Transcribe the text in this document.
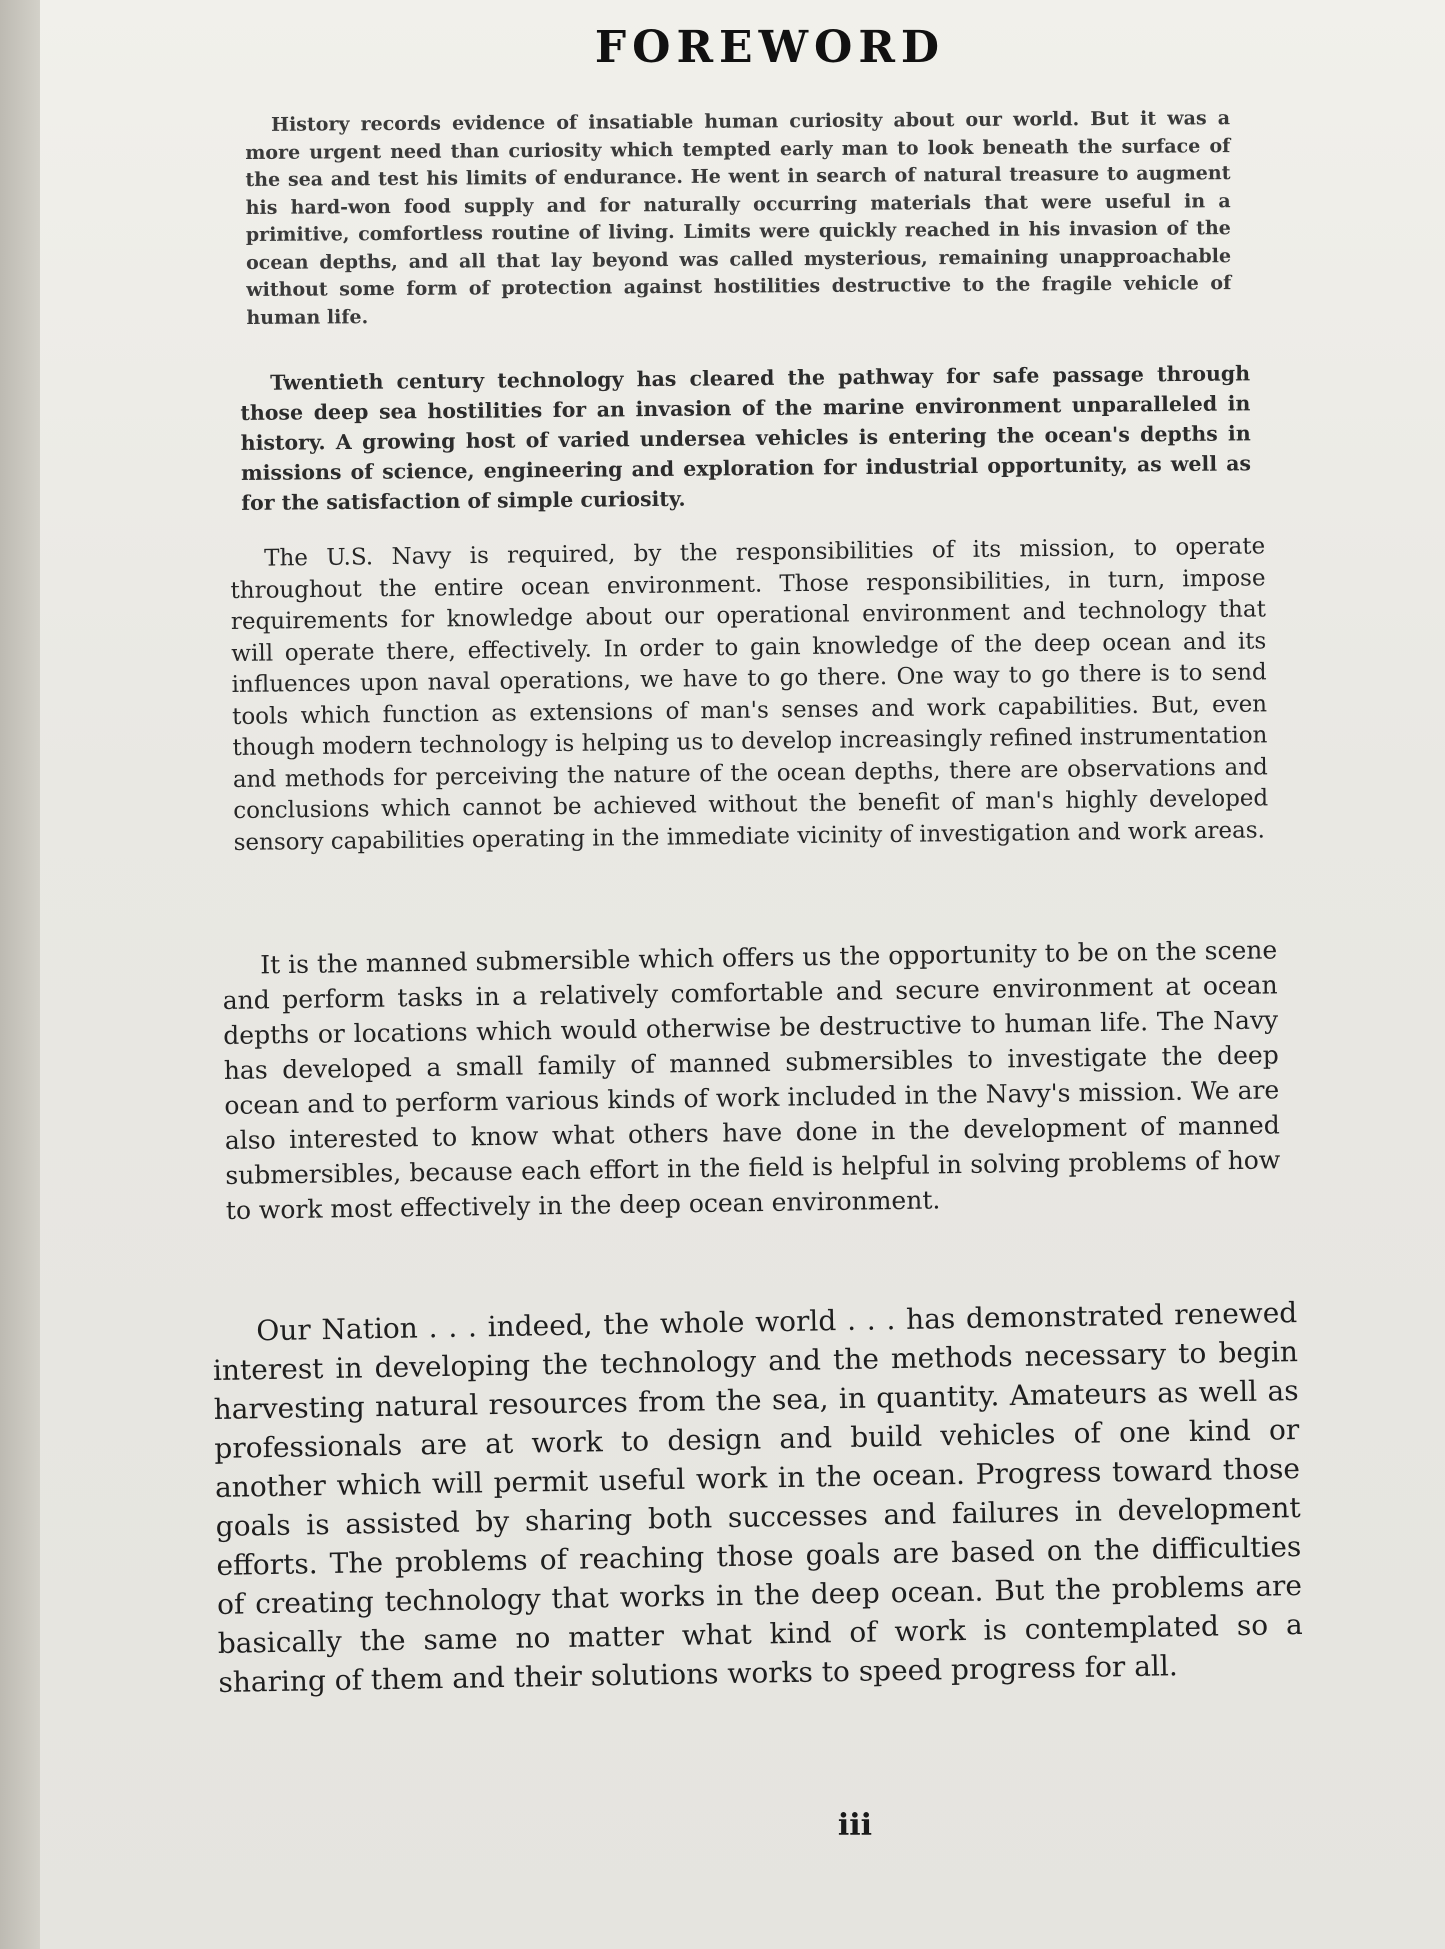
FOREWORD

History records evidence of insatiable human curiosity about our world. But it was a more urgent need than curiosity which tempted early man to look beneath the surface of the sea and test his limits of endurance. He went in search of natural treasure to augment his hard-won food supply and for naturally occurring materials that were useful in a primitive, comfortless routine of living. Limits were quickly reached in his invasion of the ocean depths, and all that lay beyond was called mysterious, remaining unapproachable without some form of protection against hostilities destructive to the fragile vehicle of human life.

Twentieth century technology has cleared the pathway for safe passage through those deep sea hostilities for an invasion of the marine environment unparalleled in history. A growing host of varied undersea vehicles is entering the ocean's depths in missions of science, engineering and exploration for industrial opportunity, as well as for the satisfaction of simple curiosity.

The U.S. Navy is required, by the responsibilities of its mission, to operate throughout the entire ocean environment. Those responsibilities, in turn, impose requirements for knowledge about our operational environment and technology that will operate there, effectively. In order to gain knowledge of the deep ocean and its influences upon naval operations, we have to go there. One way to go there is to send tools which function as extensions of man's senses and work capabilities. But, even though modern technology is helping us to develop increasingly refined instrumentation and methods for perceiving the nature of the ocean depths, there are observations and conclusions which cannot be achieved without the benefit of man's highly developed sensory capabilities operating in the immediate vicinity of investigation and work areas.

It is the manned submersible which offers us the opportunity to be on the scene and perform tasks in a relatively comfortable and secure environment at ocean depths or locations which would otherwise be destructive to human life. The Navy has developed a small family of manned submersibles to investigate the deep ocean and to perform various kinds of work included in the Navy's mission. We are also interested to know what others have done in the development of manned submersibles, because each effort in the field is helpful in solving problems of how to work most effectively in the deep ocean environment.

Our Nation . . . indeed, the whole world . . . has demonstrated renewed interest in developing the technology and the methods necessary to begin harvesting natural resources from the sea, in quantity. Amateurs as well as professionals are at work to design and build vehicles of one kind or another which will permit useful work in the ocean. Progress toward those goals is assisted by sharing both successes and failures in development efforts. The problems of reaching those goals are based on the difficulties of creating technology that works in the deep ocean. But the problems are basically the same no matter what kind of work is contemplated so a sharing of them and their solutions works to speed progress for all.

iii
